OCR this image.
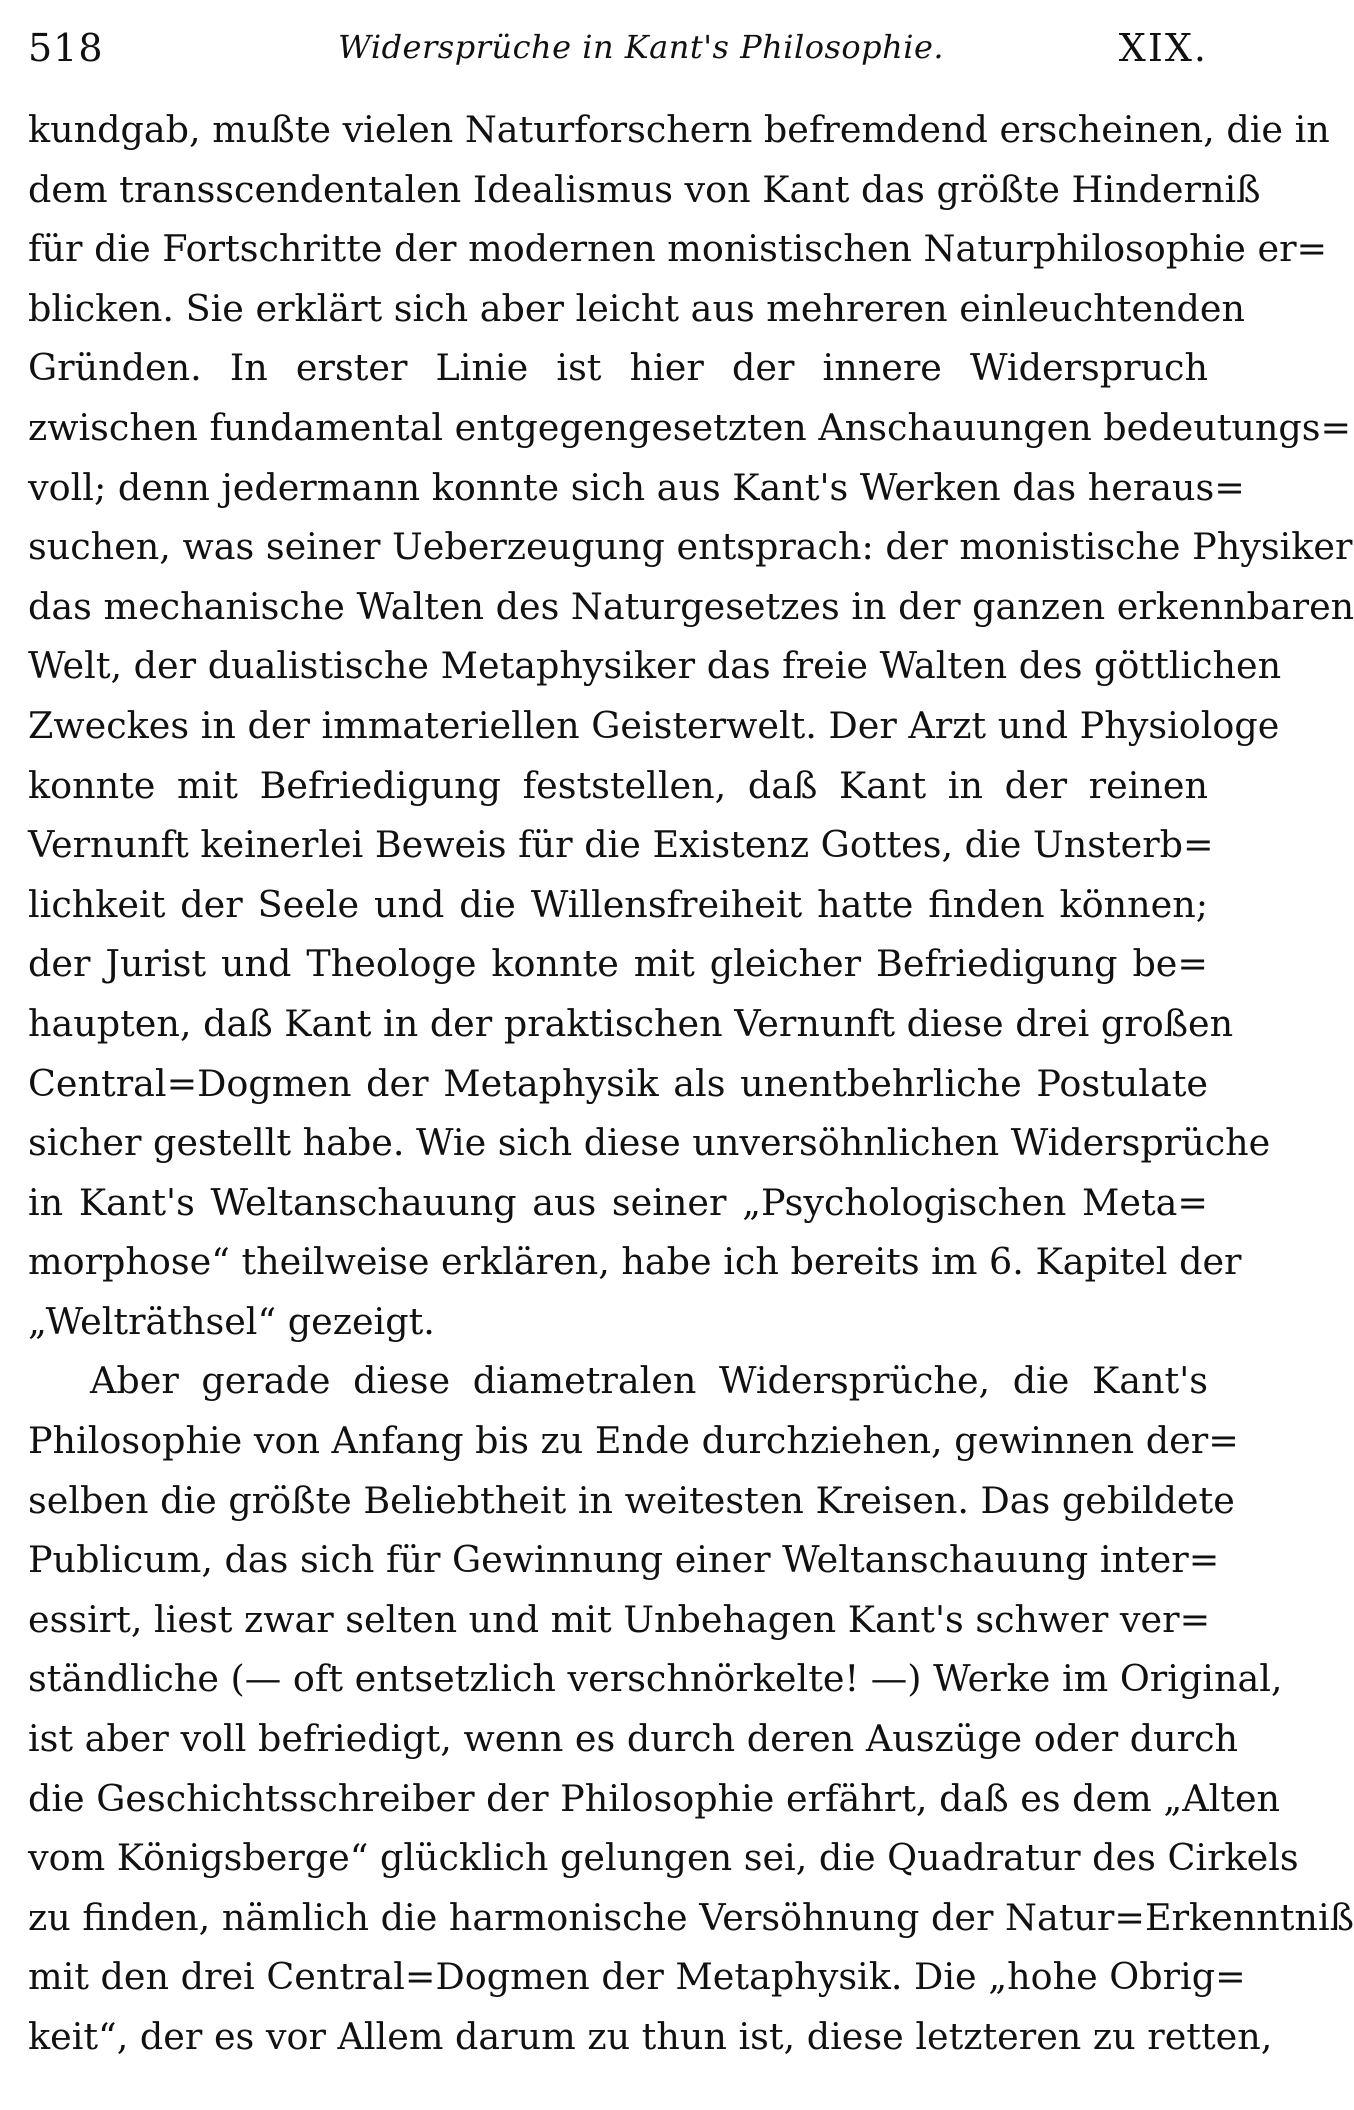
518	Widersprüche in Kant's Philosophie.	XIX.
kundgab, mußte vielen Naturforschern befremdend erscheinen, die in
dem transscendentalen Idealismus von Kant das größte Hinderniß
für die Fortschritte der modernen monistischen Naturphilosophie er=
blicken. Sie erklärt sich aber leicht aus mehreren einleuchtenden
Gründen. In erster Linie ist hier der innere Widerspruch
zwischen fundamental entgegengesetzten Anschauungen bedeutungs=
voll; denn jedermann konnte sich aus Kant's Werken das heraus=
suchen, was seiner Ueberzeugung entsprach: der monistische Physiker
das mechanische Walten des Naturgesetzes in der ganzen erkennbaren
Welt, der dualistische Metaphysiker das freie Walten des göttlichen
Zweckes in der immateriellen Geisterwelt. Der Arzt und Physiologe
konnte mit Befriedigung feststellen, daß Kant in der reinen
Vernunft keinerlei Beweis für die Existenz Gottes, die Unsterb=
lichkeit der Seele und die Willensfreiheit hatte finden können;
der Jurist und Theologe konnte mit gleicher Befriedigung be=
haupten, daß Kant in der praktischen Vernunft diese drei großen
Central=Dogmen der Metaphysik als unentbehrliche Postulate
sicher gestellt habe. Wie sich diese unversöhnlichen Widersprüche
in Kant's Weltanschauung aus seiner „Psychologischen Meta=
morphose“ theilweise erklären, habe ich bereits im 6. Kapitel der
„Welträthsel“ gezeigt.
Aber gerade diese diametralen Widersprüche, die Kant's
Philosophie von Anfang bis zu Ende durchziehen, gewinnen der=
selben die größte Beliebtheit in weitesten Kreisen. Das gebildete
Publicum, das sich für Gewinnung einer Weltanschauung inter=
essirt, liest zwar selten und mit Unbehagen Kant's schwer ver=
ständliche (— oft entsetzlich verschnörkelte! —) Werke im Original,
ist aber voll befriedigt, wenn es durch deren Auszüge oder durch
die Geschichtsschreiber der Philosophie erfährt, daß es dem „Alten
vom Königsberge“ glücklich gelungen sei, die Quadratur des Cirkels
zu finden, nämlich die harmonische Versöhnung der Natur=Erkenntniß
mit den drei Central=Dogmen der Metaphysik. Die „hohe Obrig=
keit“, der es vor Allem darum zu thun ist, diese letzteren zu retten,
